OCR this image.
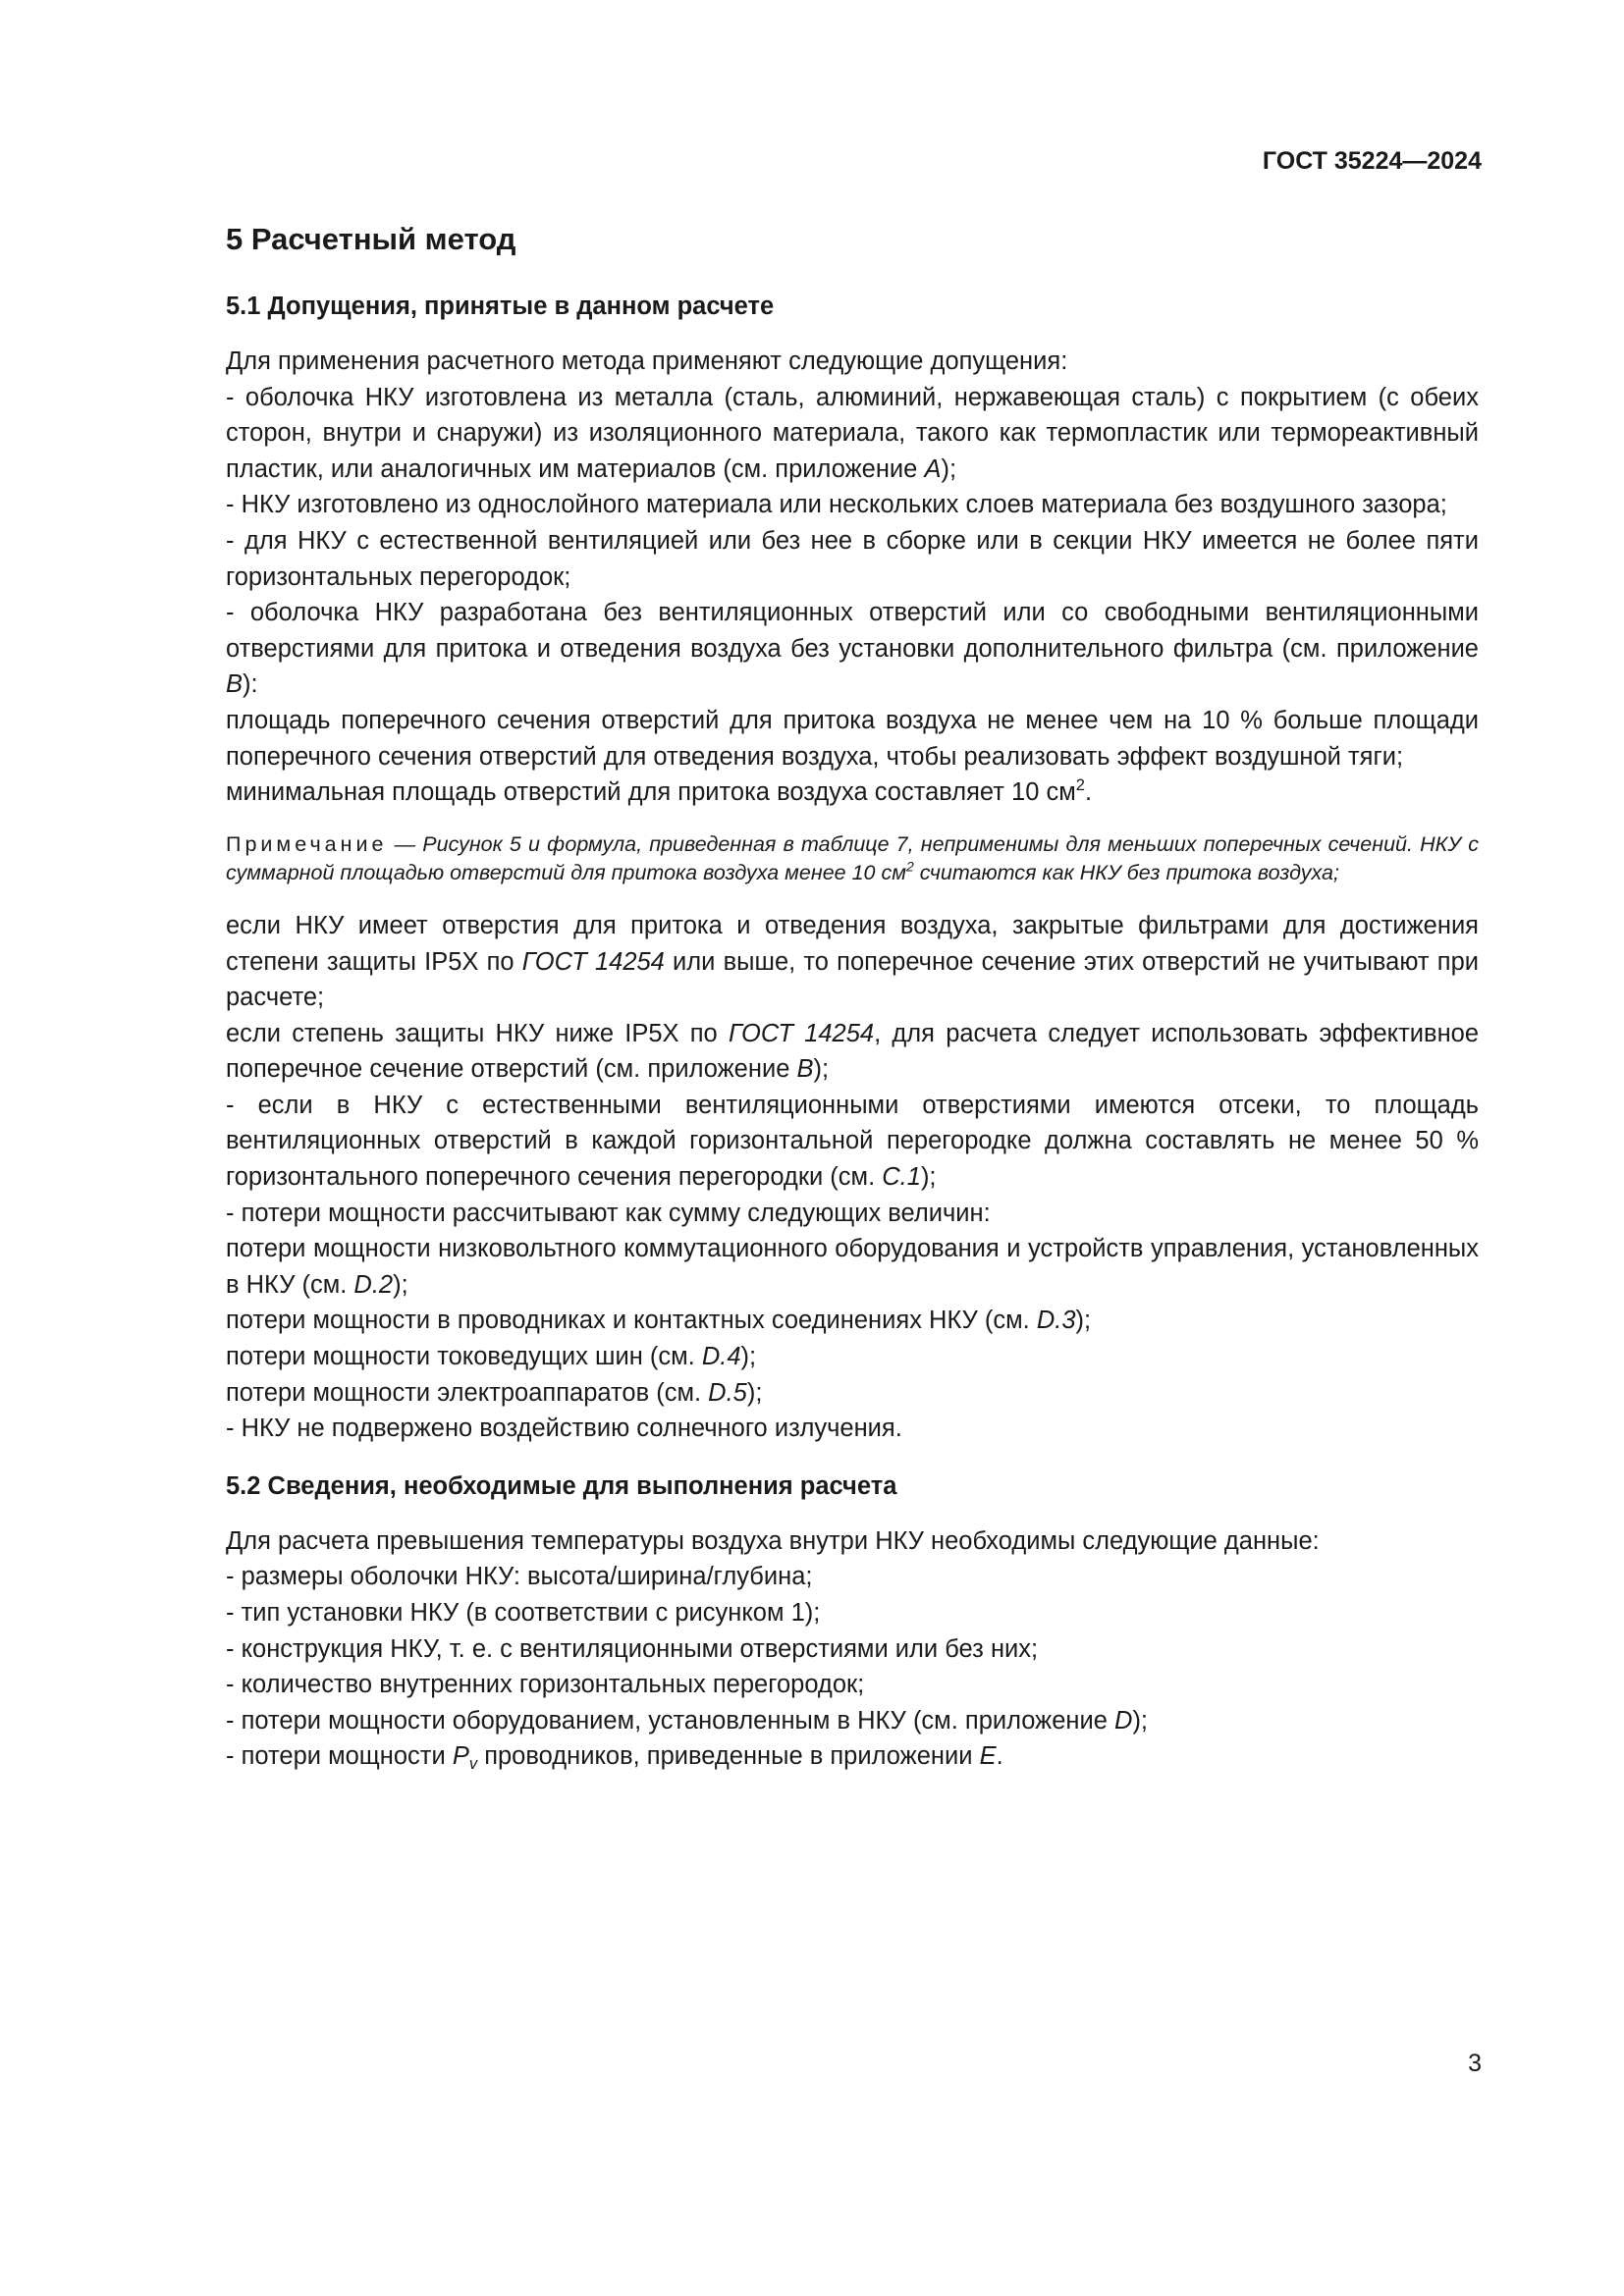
ГОСТ 35224—2024
5 Расчетный метод
5.1 Допущения, принятые в данном расчете

Для применения расчетного метода применяют следующие допущения:

- оболочка НКУ изготовлена из металла (сталь, алюминий, нержавеющая сталь) с покрытием (с обеих сторон, внутри и снаружи) из изоляционного материала, такого как термопластик или термореактивный пластик, или аналогичных им материалов (см. приложение A);

- НКУ изготовлено из однослойного материала или нескольких слоев материала без воздушного зазора;

- для НКУ с естественной вентиляцией или без нее в сборке или в секции НКУ имеется не более пяти горизонтальных перегородок;

- оболочка НКУ разработана без вентиляционных отверстий или со свободными вентиляционными отверстиями для притока и отведения воздуха без установки дополнительного фильтра (см. приложение B):

площадь поперечного сечения отверстий для притока воздуха не менее чем на 10 % больше площади поперечного сечения отверстий для отведения воздуха, чтобы реализовать эффект воздушной тяги;

минимальная площадь отверстий для притока воздуха составляет 10 $см^2$.

Примечание — Рисунок 5 и формула, приведенная в таблице 7, неприменимы для меньших поперечных сечений. НКУ с суммарной площадью отверстий для притока воздуха менее 10 $см^2$ считаются как НКУ без притока воздуха;

если НКУ имеет отверстия для притока и отведения воздуха, закрытые фильтрами для достижения степени защиты IP5X по ГОСТ 14254 или выше, то поперечное сечение этих отверстий не учитывают при расчете;

если степень защиты НКУ ниже IP5X по ГОСТ 14254, для расчета следует использовать эффективное поперечное сечение отверстий (см. приложение B);

- если в НКУ с естественными вентиляционными отверстиями имеются отсеки, то площадь вентиляционных отверстий в каждой горизонтальной перегородке должна составлять не менее 50 % горизонтального поперечного сечения перегородки (см. C.1);

- потери мощности рассчитывают как сумму следующих величин:

потери мощности низковольтного коммутационного оборудования и устройств управления, установленных в НКУ (см. D.2);

потери мощности в проводниках и контактных соединениях НКУ (см. D.3);

потери мощности токоведущих шин (см. D.4);

потери мощности электроаппаратов (см. D.5);

- НКУ не подвержено воздействию солнечного излучения.

5.2 Сведения, необходимые для выполнения расчета

Для расчета превышения температуры воздуха внутри НКУ необходимы следующие данные:

- размеры оболочки НКУ: высота/ширина/глубина;

- тип установки НКУ (в соответствии с рисунком 1);

- конструкция НКУ, т. е. с вентиляционными отверстиями или без них;

- количество внутренних горизонтальных перегородок;

- потери мощности оборудованием, установленным в НКУ (см. приложение D);

- потери мощности $P_v$ проводников, приведенные в приложении E.

3
